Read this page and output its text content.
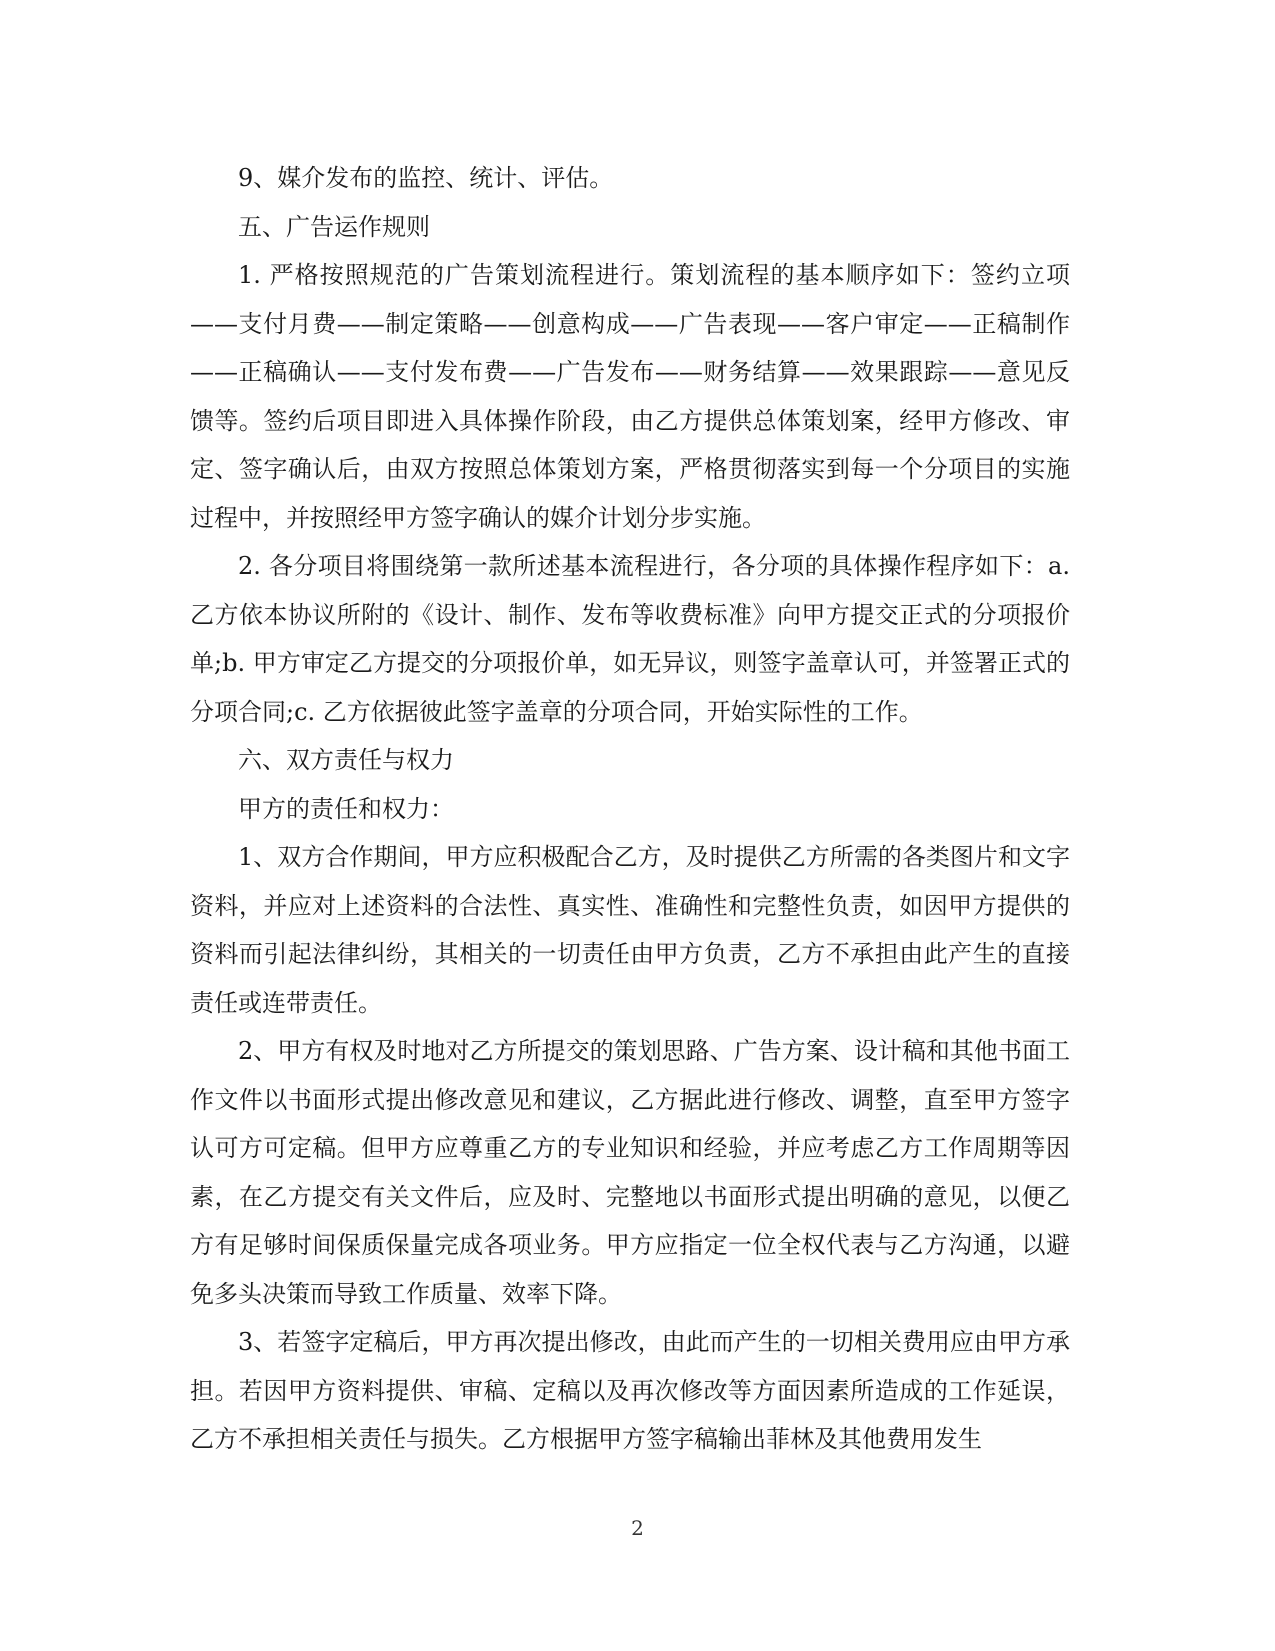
9、媒介发布的监控、统计、评估。

五、广告运作规则

1. 严格按照规范的广告策划流程进行。策划流程的基本顺序如下：签约立项——支付月费——制定策略——创意构成——广告表现——客户审定——正稿制作 ——正稿确认——支付发布费——广告发布——财务结算——效果跟踪——意见反馈等。签约后项目即进入具体操作阶段，由乙方提供总体策划案，经甲方修改、审定、签字确认后，由双方按照总体策划方案，严格贯彻落实到每一个分项目的实施过程中，并按照经甲方签字确认的媒介计划分步实施。

2. 各分项目将围绕第一款所述基本流程进行，各分项的具体操作程序如下：a. 乙方依本协议所附的《设计、制作、发布等收费标准》向甲方提交正式的分项报价单;b. 甲方审定乙方提交的分项报价单，如无异议，则签字盖章认可，并签署正式的分项合同;c. 乙方依据彼此签字盖章的分项合同，开始实际性的工作。

六、双方责任与权力

甲方的责任和权力：

1、双方合作期间，甲方应积极配合乙方，及时提供乙方所需的各类图片和文字资料，并应对上述资料的合法性、真实性、准确性和完整性负责，如因甲方提供的资料而引起法律纠纷，其相关的一切责任由甲方负责，乙方不承担由此产生的直接责任或连带责任。

2、甲方有权及时地对乙方所提交的策划思路、广告方案、设计稿和其他书面工作文件以书面形式提出修改意见和建议，乙方据此进行修改、调整，直至甲方签字认可方可定稿。但甲方应尊重乙方的专业知识和经验，并应考虑乙方工作周期等因素，在乙方提交有关文件后，应及时、完整地以书面形式提出明确的意见，以便乙方有足够时间保质保量完成各项业务。甲方应指定一位全权代表与乙方沟通，以避免多头决策而导致工作质量、效率下降。

3、若签字定稿后，甲方再次提出修改，由此而产生的一切相关费用应由甲方承担。若因甲方资料提供、审稿、定稿以及再次修改等方面因素所造成的工作延误，乙方不承担相关责任与损失。乙方根据甲方签字稿输出菲林及其他费用发生

2
